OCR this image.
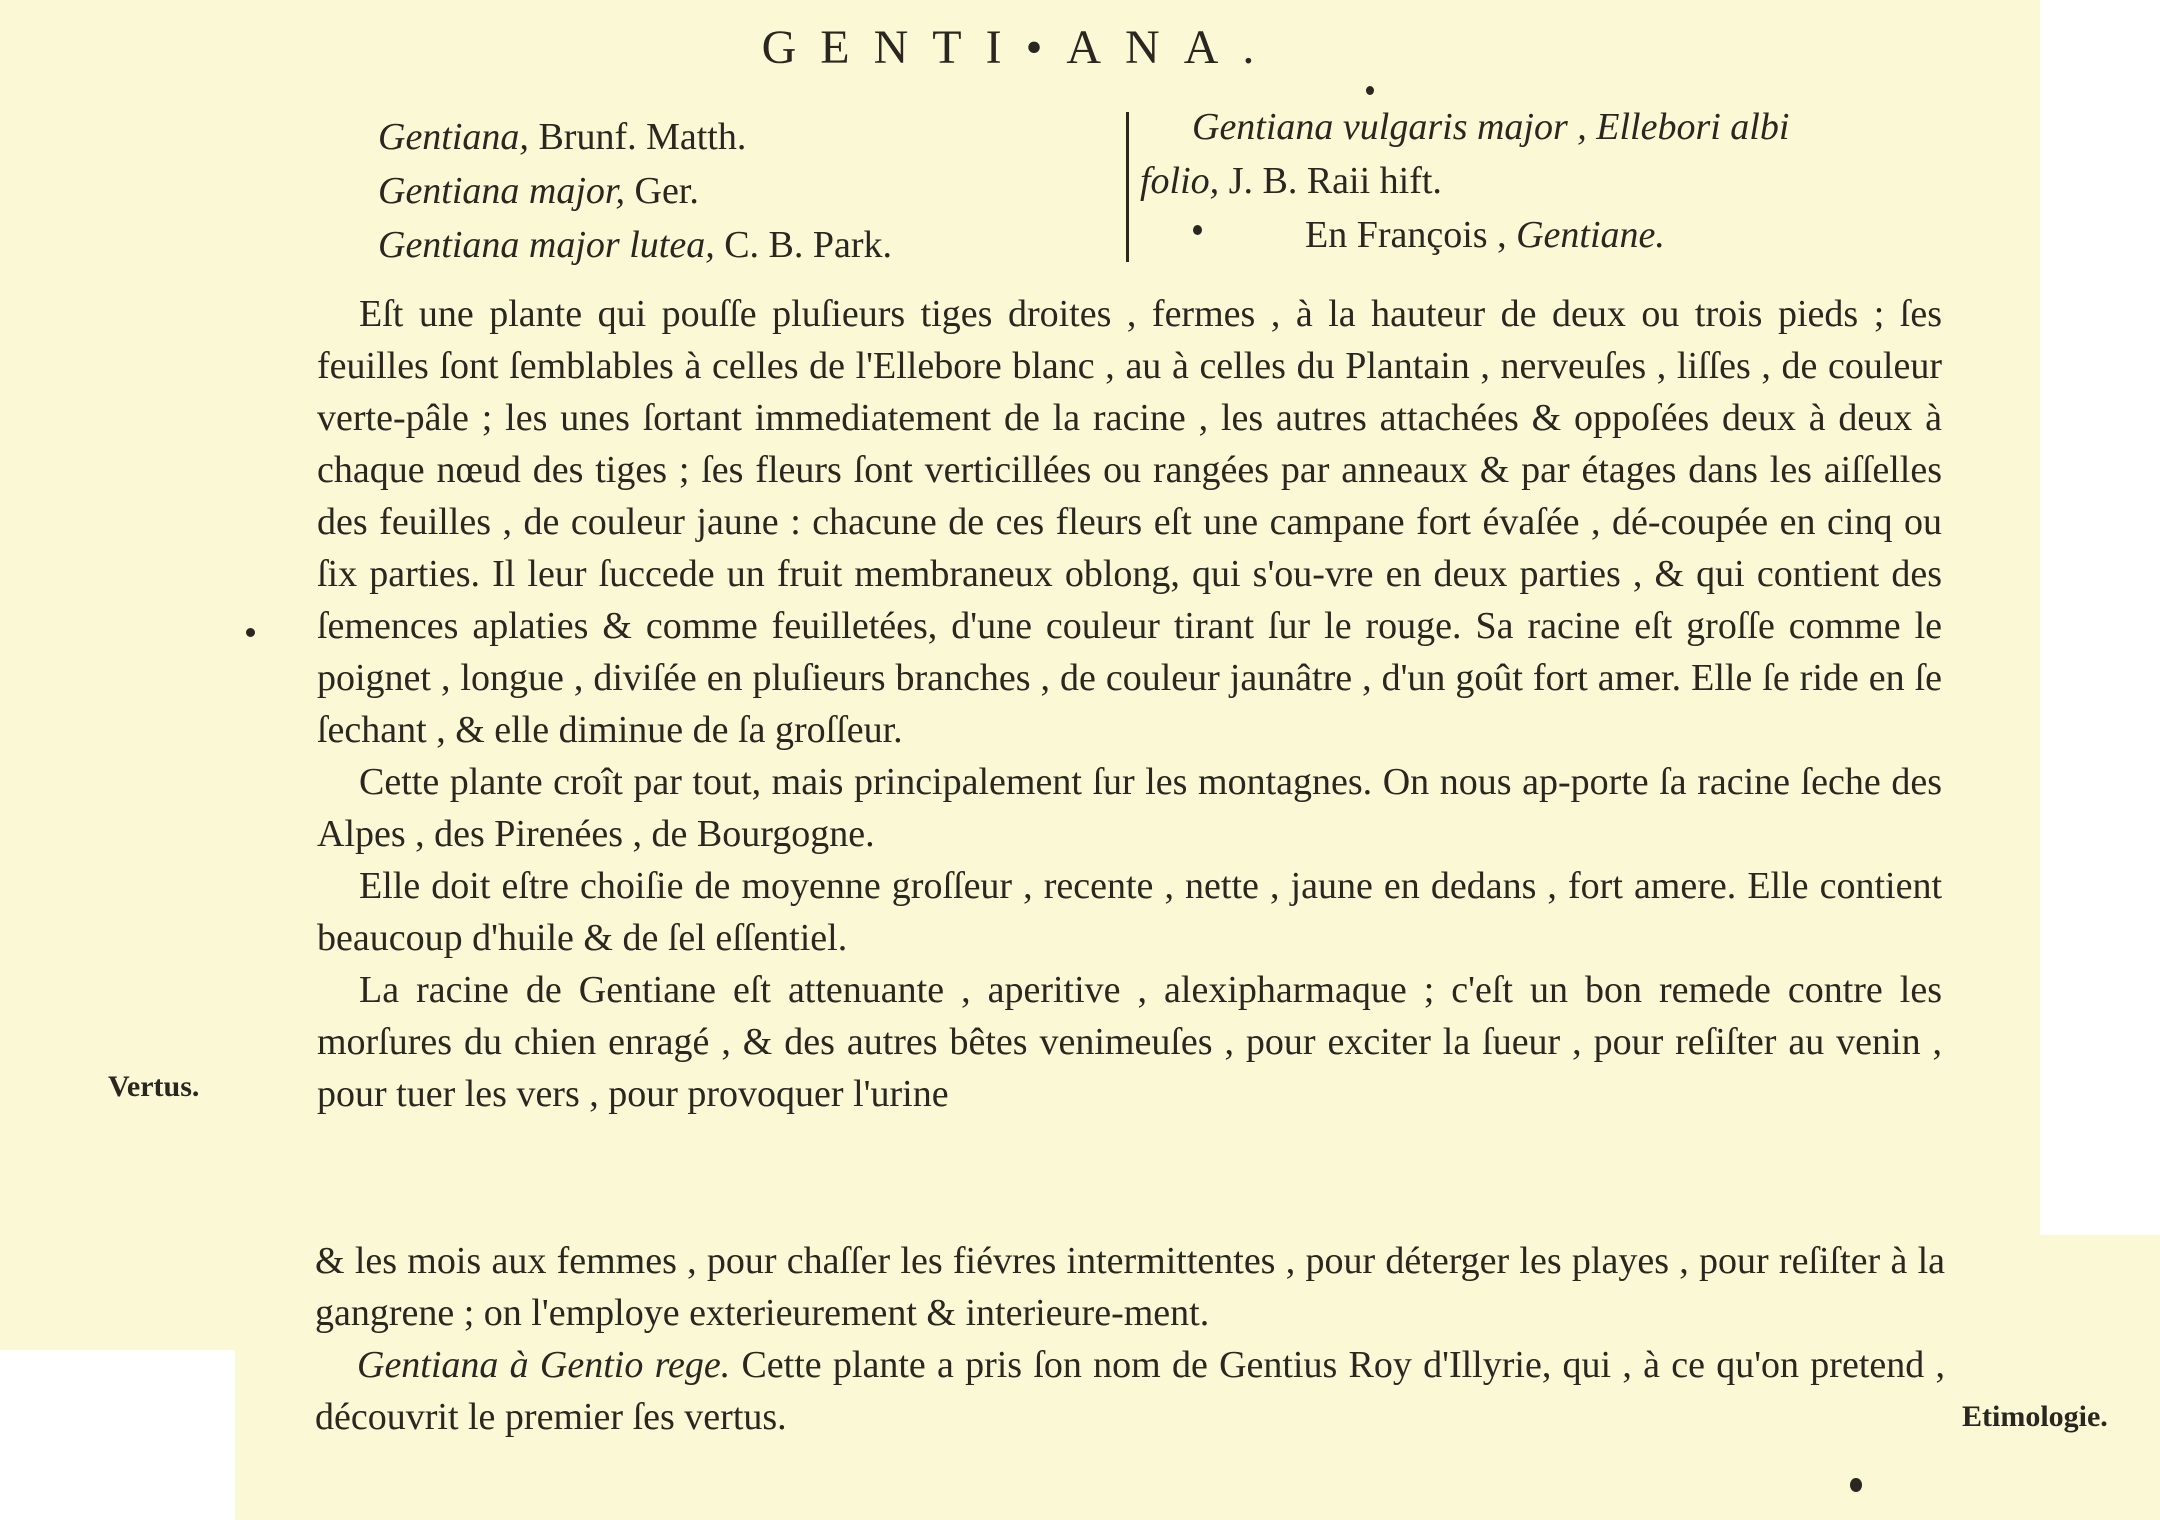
GENTI•ANA.
Gentiana, Brunf. Matth.
Gentiana major, Ger.
Gentiana major lutea, C. B. Park.
Gentiana vulgaris major , Ellebori albi
folio, J. B. Raii hift.
En François , Gentiane.

Eſt une plante qui pouſſe pluſieurs tiges droites , fermes , à la hauteur de deux ou trois pieds ; ſes feuilles ſont ſemblables à celles de l'Ellebore blanc , au à celles du Plantain , nerveuſes , liſſes , de couleur verte-pâle ; les unes ſortant immediatement de la racine , les autres attachées & oppoſées deux à deux à chaque nœud des tiges ; ſes fleurs ſont verticillées ou rangées par anneaux & par étages dans les aiſſelles des feuilles , de couleur jaune : chacune de ces fleurs eſt une campane fort évaſée , dé-coupée en cinq ou ſix parties. Il leur ſuccede un fruit membraneux oblong, qui s'ou-vre en deux parties , & qui contient des ſemences aplaties & comme feuilletées, d'une couleur tirant ſur le rouge. Sa racine eſt groſſe comme le poignet , longue , diviſée en pluſieurs branches , de couleur jaunâtre , d'un goût fort amer. Elle ſe ride en ſe ſechant , & elle diminue de ſa groſſeur.

Cette plante croît par tout, mais principalement ſur les montagnes. On nous ap-porte ſa racine ſeche des Alpes , des Pirenées , de Bourgogne.

Elle doit eſtre choiſie de moyenne groſſeur , recente , nette , jaune en dedans , fort amere. Elle contient beaucoup d'huile & de ſel eſſentiel.

La racine de Gentiane eſt attenuante , aperitive , alexipharmaque ; c'eſt un bon remede contre les morſures du chien enragé , & des autres bêtes venimeuſes , pour exciter la ſueur , pour reſiſter au venin , pour tuer les vers , pour provoquer l'urine

Vertus.

& les mois aux femmes , pour chaſſer les fiévres intermittentes , pour déterger les playes , pour reſiſter à la gangrene ; on l'employe exterieurement & interieure-ment.

Gentiana à Gentio rege. Cette plante a pris ſon nom de Gentius Roy d'Illyrie, qui , à ce qu'on pretend , découvrit le premier ſes vertus.	Etimologie.
